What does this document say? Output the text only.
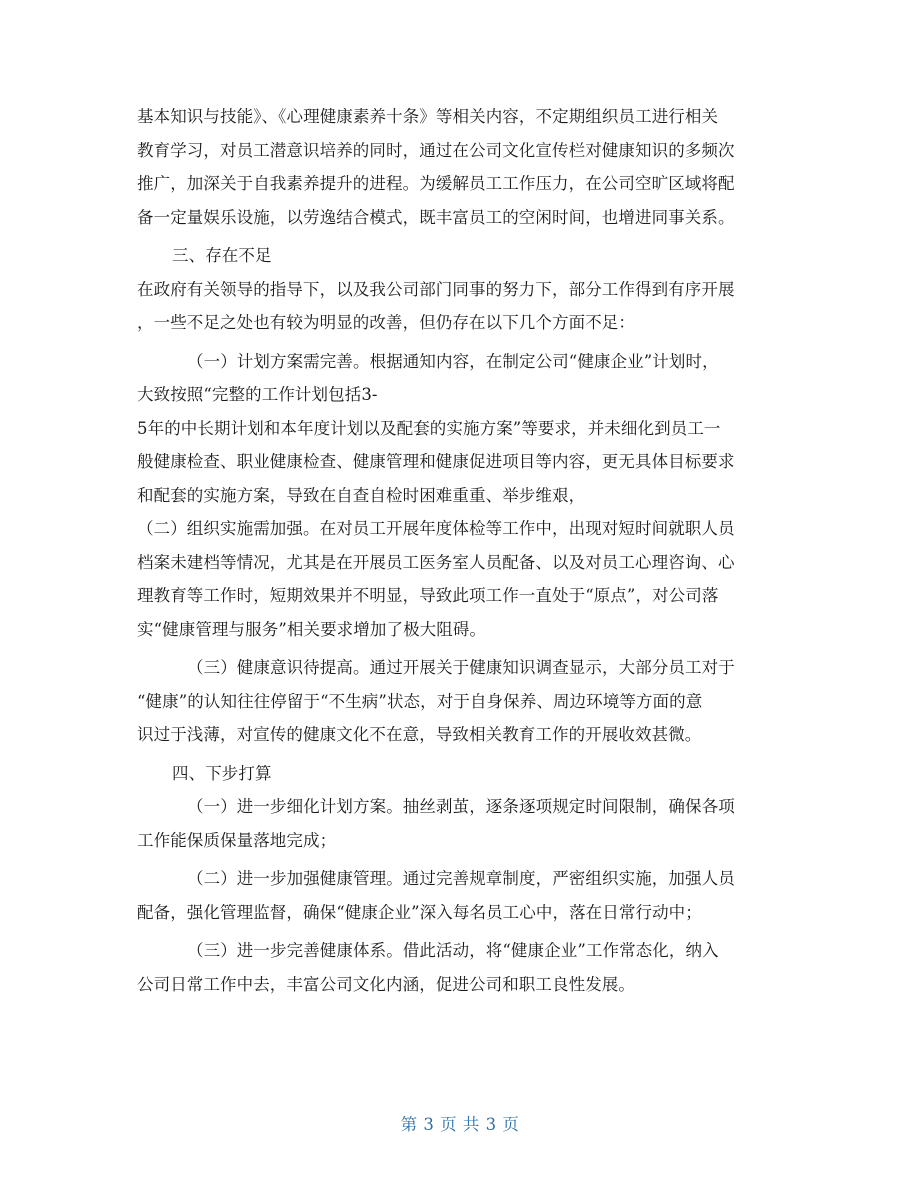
基本知识与技能》、《心理健康素养十条》等相关内容，不定期组织员工进行相关
教育学习，对员工潜意识培养的同时，通过在公司文化宣传栏对健康知识的多频次
推广，加深关于自我素养提升的进程。为缓解员工工作压力，在公司空旷区域将配
备一定量娱乐设施，以劳逸结合模式，既丰富员工的空闲时间，也增进同事关系。
三、存在不足
在政府有关领导的指导下，以及我公司部门同事的努力下，部分工作得到有序开展
，一些不足之处也有较为明显的改善，但仍存在以下几个方面不足：
（一）计划方案需完善。根据通知内容，在制定公司“健康企业”计划时，
大致按照“完整的工作计划包括3-
5年的中长期计划和本年度计划以及配套的实施方案”等要求，并未细化到员工一
般健康检查、职业健康检查、健康管理和健康促进项目等内容，更无具体目标要求
和配套的实施方案，导致在自查自检时困难重重、举步维艰，
（二）组织实施需加强。在对员工开展年度体检等工作中，出现对短时间就职人员
档案未建档等情况，尤其是在开展员工医务室人员配备、以及对员工心理咨询、心
理教育等工作时，短期效果并不明显，导致此项工作一直处于“原点”，对公司落
实“健康管理与服务”相关要求增加了极大阻碍。
（三）健康意识待提高。通过开展关于健康知识调查显示，大部分员工对于
“健康”的认知往往停留于“不生病”状态，对于自身保养、周边环境等方面的意
识过于浅薄，对宣传的健康文化不在意，导致相关教育工作的开展收效甚微。
四、下步打算
（一）进一步细化计划方案。抽丝剥茧，逐条逐项规定时间限制，确保各项
工作能保质保量落地完成；
（二）进一步加强健康管理。通过完善规章制度，严密组织实施，加强人员
配备，强化管理监督，确保“健康企业”深入每名员工心中，落在日常行动中；
（三）进一步完善健康体系。借此活动，将“健康企业”工作常态化，纳入
公司日常工作中去，丰富公司文化内涵，促进公司和职工良性发展。
第 3 页 共 3 页
